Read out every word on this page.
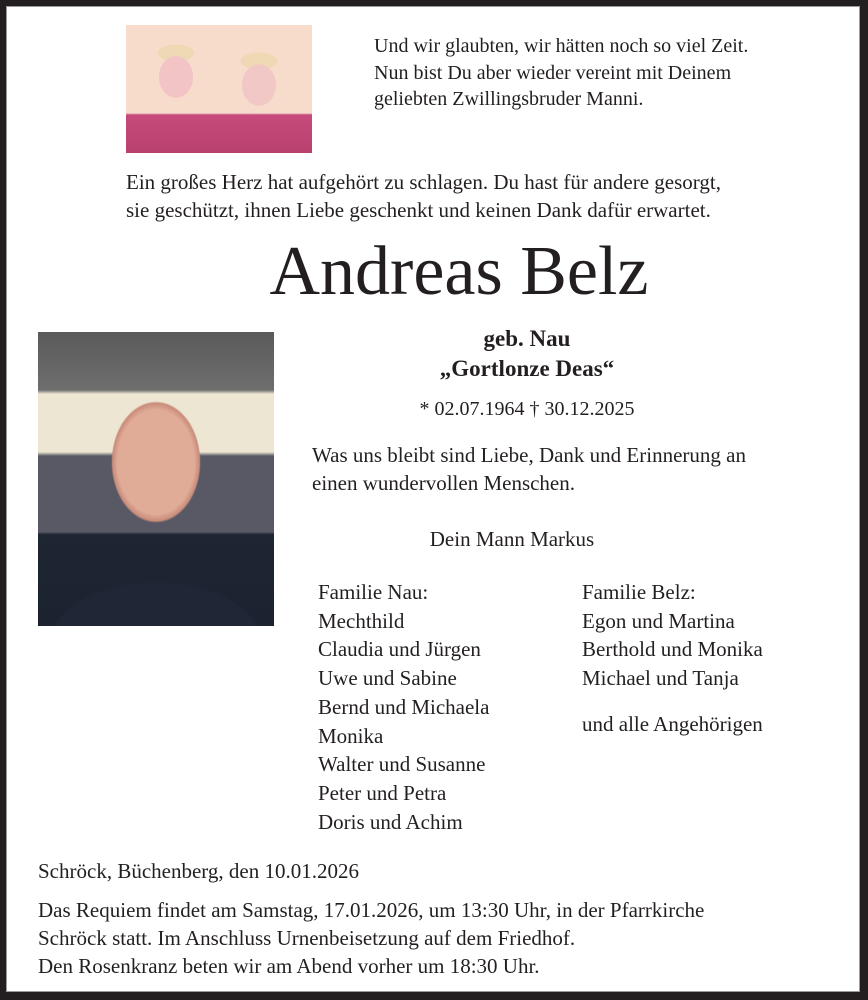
Und wir glaubten, wir hätten noch so viel Zeit.
Nun bist Du aber wieder vereint mit Deinem
geliebten Zwillingsbruder Manni.
Ein großes Herz hat aufgehört zu schlagen. Du hast für andere gesorgt,
sie geschützt, ihnen Liebe geschenkt und keinen Dank dafür erwartet.
Andreas Belz
geb. Nau
„Gortlonze Deas“
* 02.07.1964 † 30.12.2025
Was uns bleibt sind Liebe, Dank und Erinnerung an
einen wundervollen Menschen.
Dein Mann Markus
Familie Nau:
Mechthild
Claudia und Jürgen
Uwe und Sabine
Bernd und Michaela
Monika
Walter und Susanne
Peter und Petra
Doris und Achim
Familie Belz:
Egon und Martina
Berthold und Monika
Michael und Tanja
und alle Angehörigen
Schröck, Büchenberg, den 10.01.2026
Das Requiem findet am Samstag, 17.01.2026, um 13:30 Uhr, in der Pfarrkirche
Schröck statt. Im Anschluss Urnenbeisetzung auf dem Friedhof.
Den Rosenkranz beten wir am Abend vorher um 18:30 Uhr.
